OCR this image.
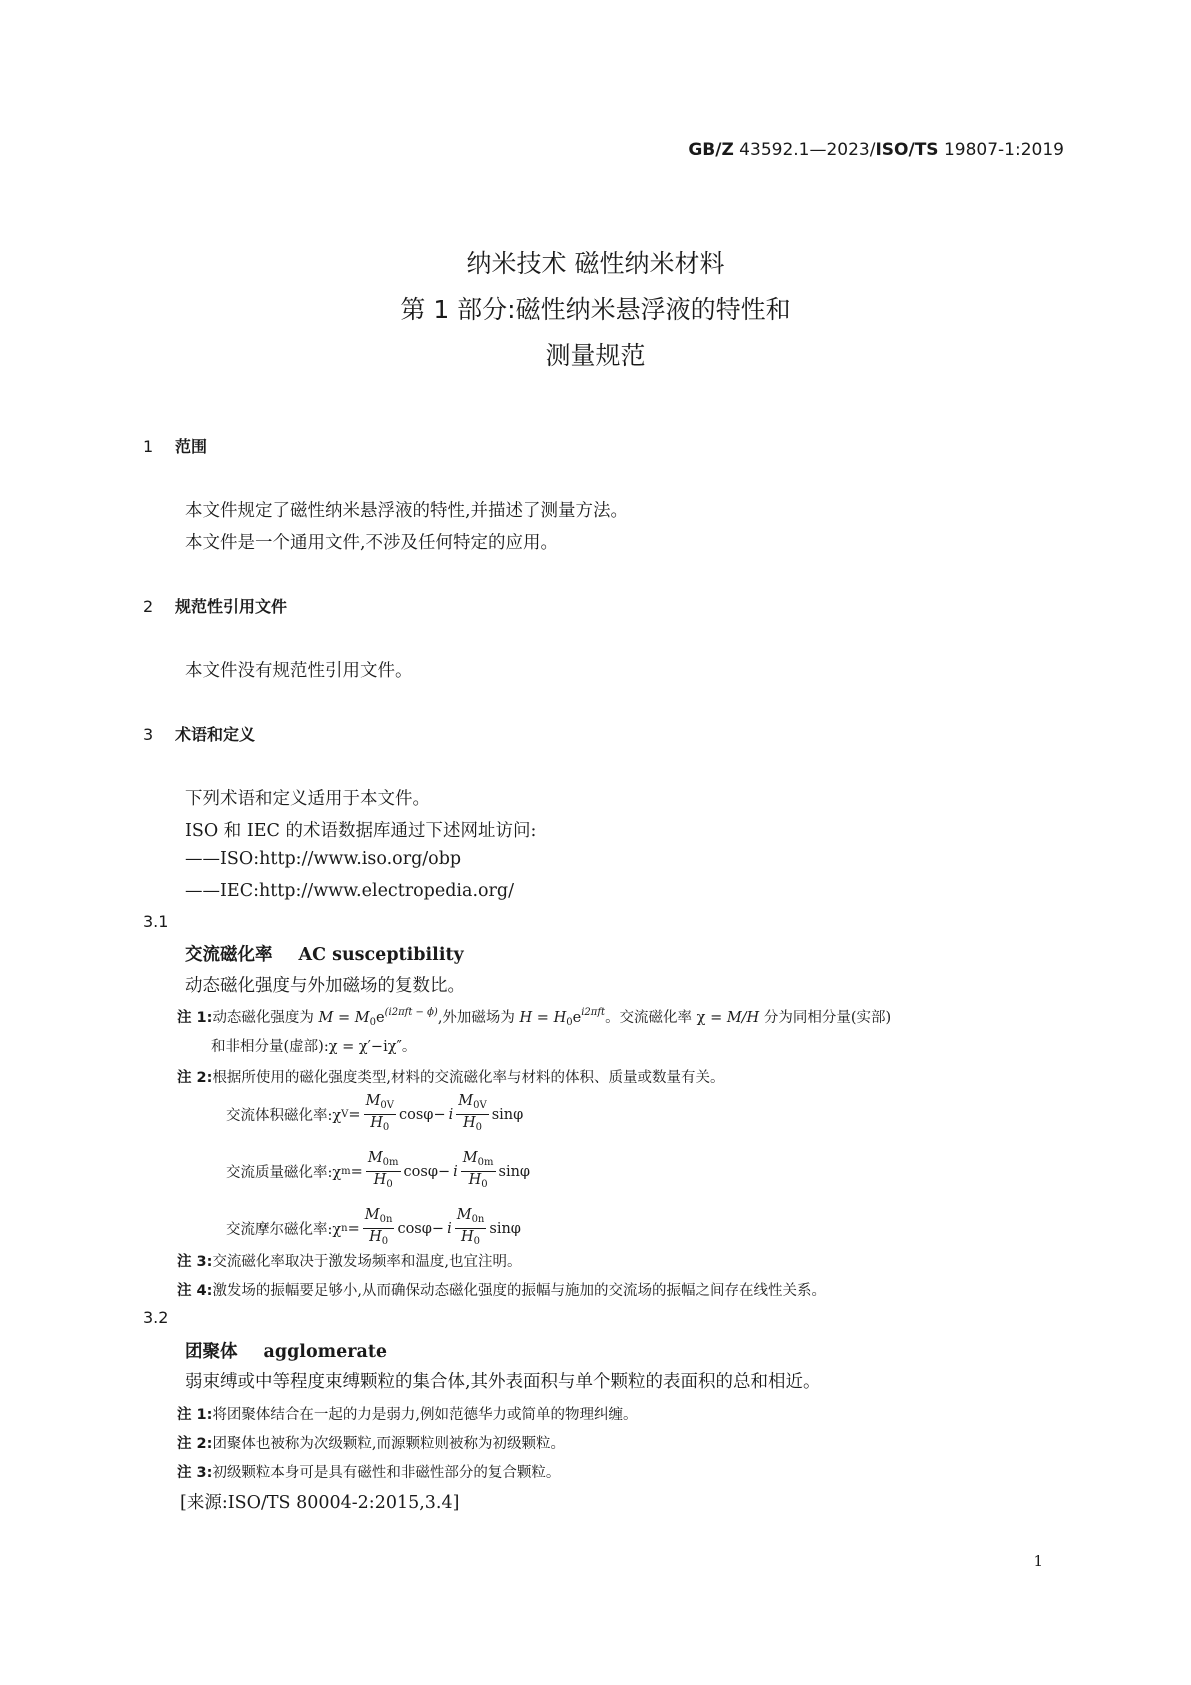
GB/Z 43592.1—2023/ISO/TS 19807-1:2019
纳米技术 磁性纳米材料
第 1 部分:磁性纳米悬浮液的特性和
测量规范
1 范围
本文件规定了磁性纳米悬浮液的特性,并描述了测量方法。
本文件是一个通用文件,不涉及任何特定的应用。
2 规范性引用文件
本文件没有规范性引用文件。
3 术语和定义
下列术语和定义适用于本文件。
ISO 和 IEC 的术语数据库通过下述网址访问:
——ISO:http://www.iso.org/obp
——IEC:http://www.electropedia.org/
3.1
交流磁化率 AC susceptibility
动态磁化强度与外加磁场的复数比。
注 1:动态磁化强度为 $M = M_0e^{(i2\pi ft - \phi)}$,外加磁场为 $H = H_0e^{i2\pi ft}$。交流磁化率 χ = M/H 分为同相分量(实部)
和非相分量(虚部):χ = χ′−iχ″。
注 2:根据所使用的磁化强度类型,材料的交流磁化率与材料的体积、质量或数量有关。
交流体积磁化率:χ $V = \frac{M_{0V}}{H_0}$ cosφ − i $\frac{M_{0V}}{H_0}$ sinφ
交流质量磁化率:χ $m = \frac{M_{0m}}{H_0}$ cosφ − i $\frac{M_{0m}}{H_0}$ sinφ
交流摩尔磁化率:χ $n = \frac{M_{0n}}{H_0}$ cosφ − i $\frac{M_{0n}}{H_0}$ sinφ
注 3:交流磁化率取决于激发场频率和温度,也宜注明。
注 4:激发场的振幅要足够小,从而确保动态磁化强度的振幅与施加的交流场的振幅之间存在线性关系。
3.2
团聚体 agglomerate
弱束缚或中等程度束缚颗粒的集合体,其外表面积与单个颗粒的表面积的总和相近。
注 1:将团聚体结合在一起的力是弱力,例如范德华力或简单的物理纠缠。
注 2:团聚体也被称为次级颗粒,而源颗粒则被称为初级颗粒。
注 3:初级颗粒本身可是具有磁性和非磁性部分的复合颗粒。
[来源:ISO/TS 80004-2:2015,3.4]
1
